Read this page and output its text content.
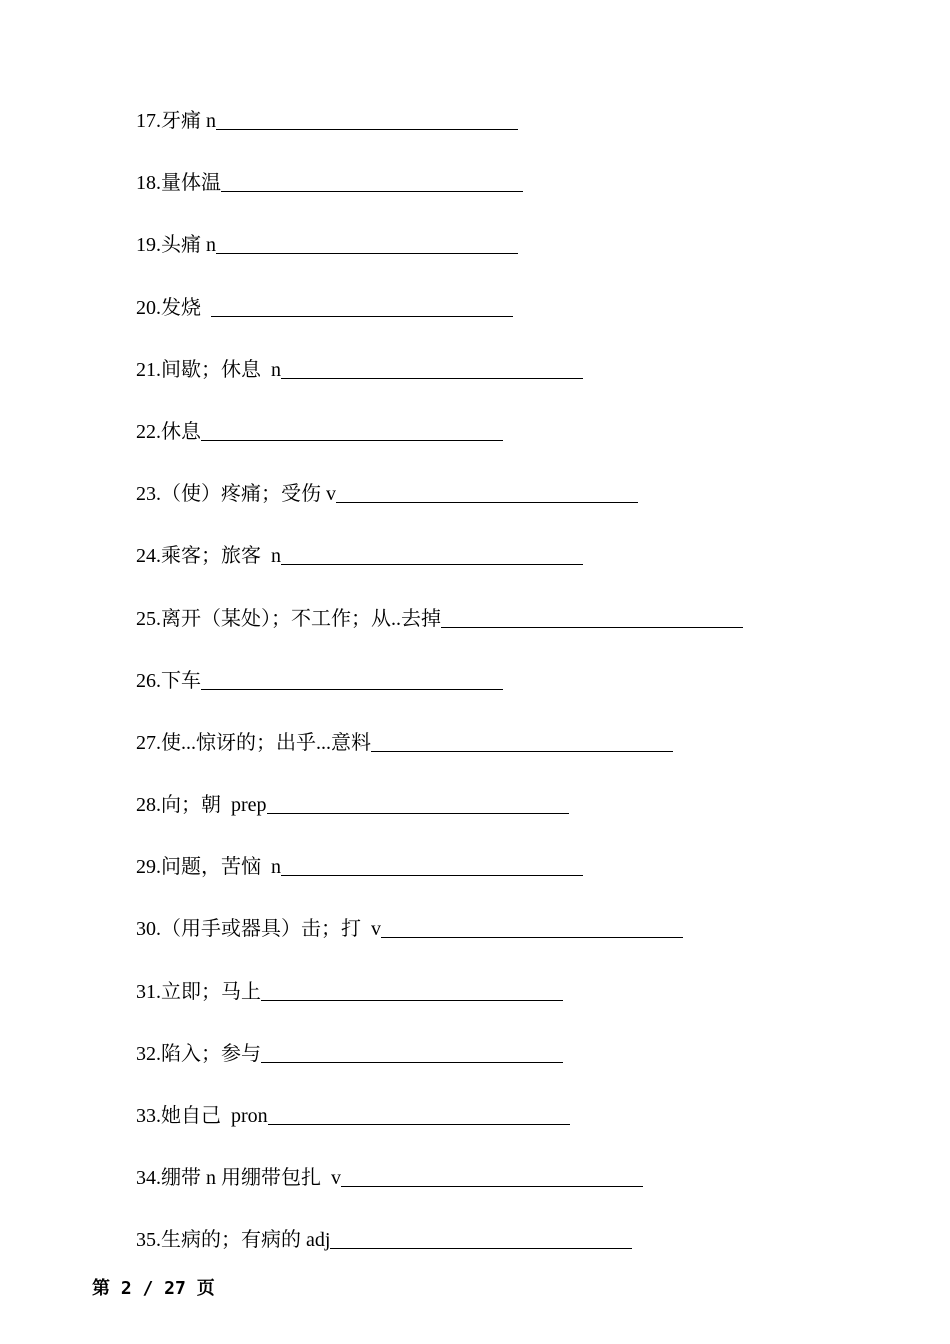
17. 牙痛 n
18. 量体温
19. 头痛 n
20. 发烧
21. 间歇；休息  n
22. 休息
23. （使）疼痛；受伤 v
24. 乘客；旅客  n
25. 离开（某处）；不工作；从..去掉
26. 下车
27. 使...惊讶的；出乎...意料
28. 向；朝  prep
29. 问题，苦恼  n
30. （用手或器具）击；打  v
31. 立即；马上
32. 陷入；参与
33. 她自己  pron
34. 绷带 n 用绷带包扎  v
35. 生病的；有病的 adj
第 2 / 27 页
